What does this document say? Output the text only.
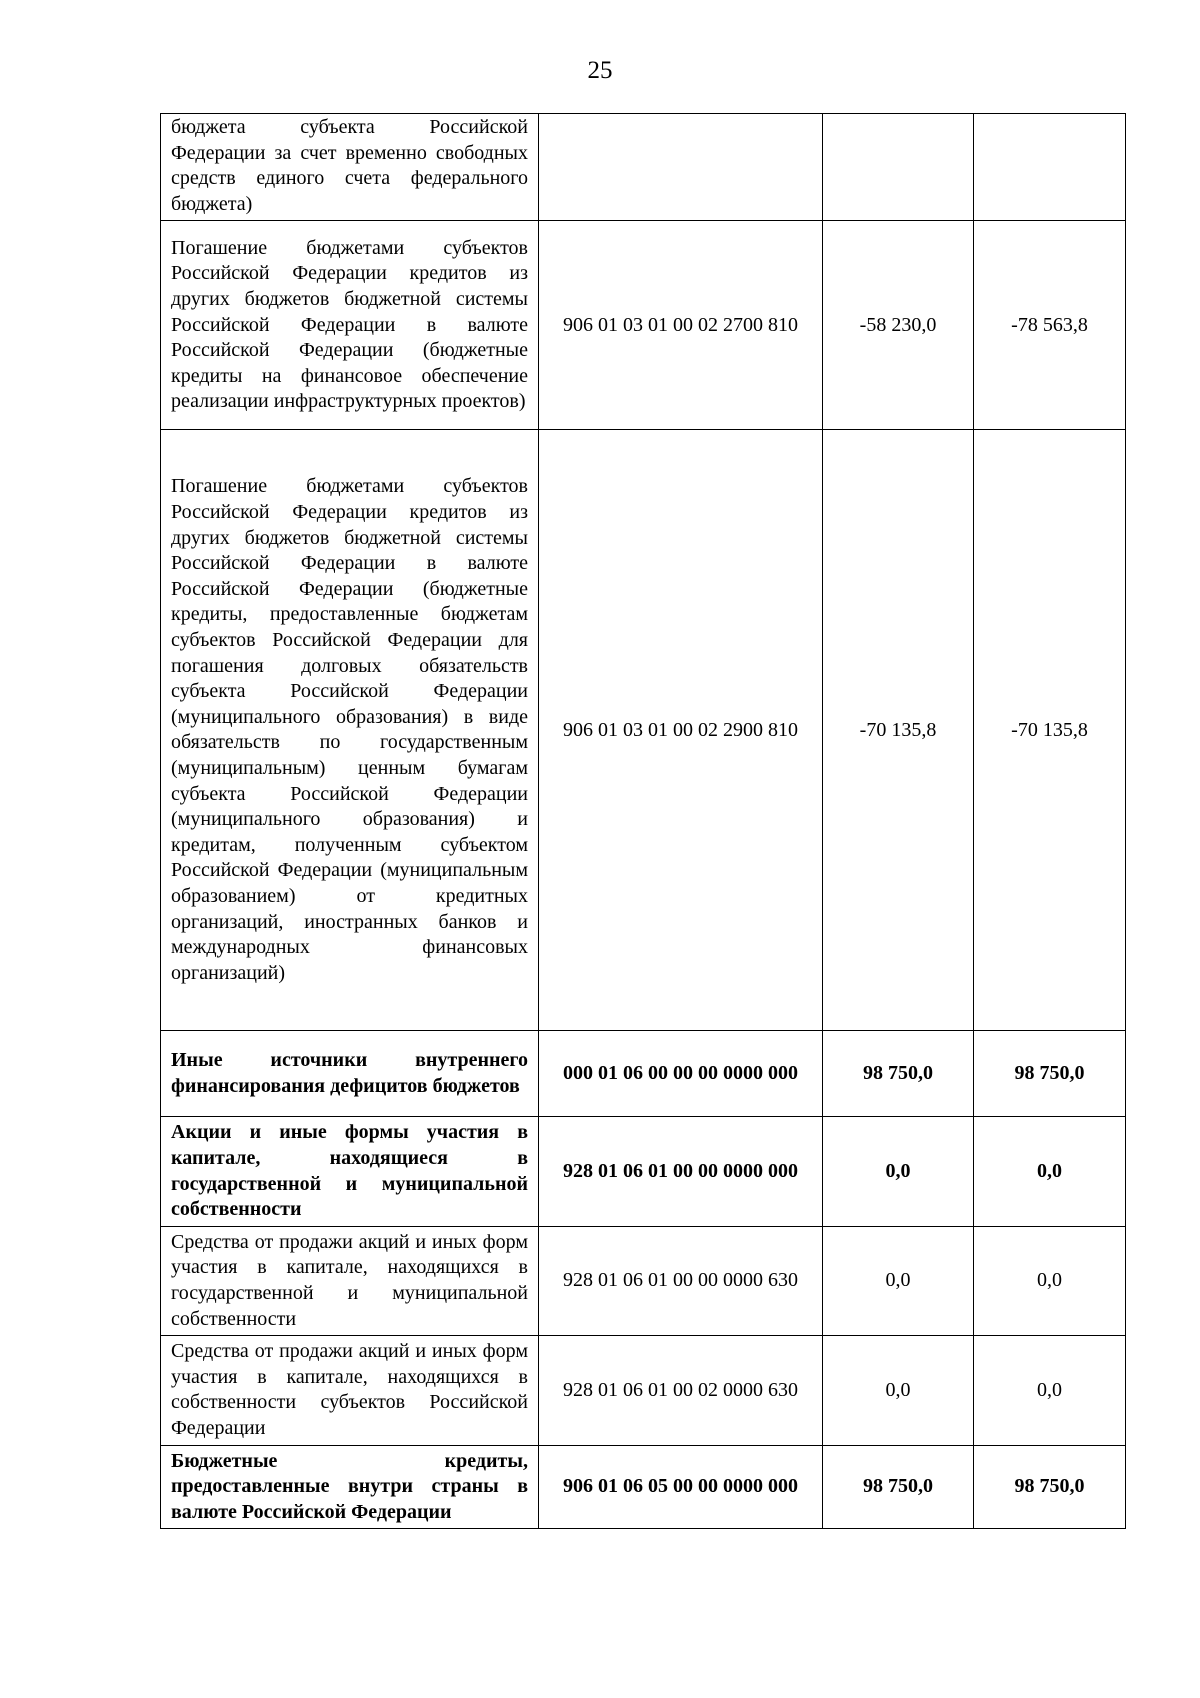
25
бюджета субъекта Российской Федерации за счет временно свободных средств единого счета федерального бюджета)			
Погашение бюджетами субъектов Российской Федерации кредитов из других бюджетов бюджетной системы Российской Федерации в валюте Российской Федерации (бюджетные кредиты на финансовое обеспечение реализации инфраструктурных проектов)	906 01 03 01 00 02 2700 810	-58 230,0	-78 563,8
Погашение бюджетами субъектов Российской Федерации кредитов из других бюджетов бюджетной системы Российской Федерации в валюте Российской Федерации (бюджетные кредиты, предоставленные бюджетам субъектов Российской Федерации для погашения долговых обязательств субъекта Российской Федерации (муниципального образования) в виде обязательств по государственным (муниципальным) ценным бумагам субъекта Российской Федерации (муниципального образования) и кредитам, полученным субъектом Российской Федерации (муниципальным образованием) от кредитных организаций, иностранных банков и международных финансовых организаций)	906 01 03 01 00 02 2900 810	-70 135,8	-70 135,8
Иные источники внутреннего финансирования дефицитов бюджетов	000 01 06 00 00 00 0000 000	98 750,0	98 750,0
Акции и иные формы участия в капитале, находящиеся в государственной и муниципальной собственности	928 01 06 01 00 00 0000 000	0,0	0,0
Средства от продажи акций и иных форм участия в капитале, находящихся в государственной и муниципальной собственности	928 01 06 01 00 00 0000 630	0,0	0,0
Средства от продажи акций и иных форм участия в капитале, находящихся в собственности субъектов Российской Федерации	928 01 06 01 00 02 0000 630	0,0	0,0
Бюджетные кредиты, предоставленные внутри страны в валюте Российской Федерации	906 01 06 05 00 00 0000 000	98 750,0	98 750,0
